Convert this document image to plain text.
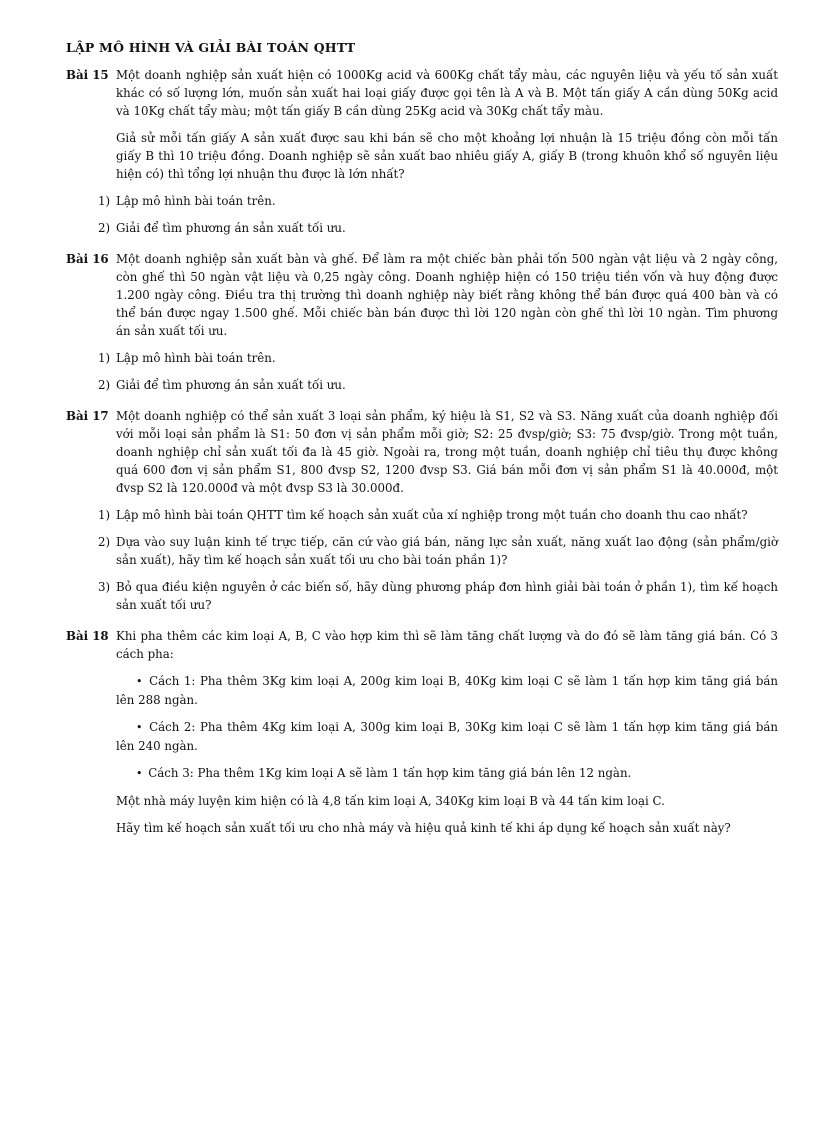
LẬP MÔ HÌNH VÀ GIẢI BÀI TOÁN QHTT
Bài 15 Một doanh nghiệp sản xuất hiện có 1000Kg acid và 600Kg chất tẩy màu, các nguyên liệu và yếu tố sản xuất khác có số lượng lớn, muốn sản xuất hai loại giấy được gọi tên là A và B. Một tấn giấy A cần dùng 50Kg acid và 10Kg chất tẩy màu; một tấn giấy B cần dùng 25Kg acid và 30Kg chất tẩy màu.
Giả sử mỗi tấn giấy A sản xuất được sau khi bán sẽ cho một khoảng lợi nhuận là 15 triệu đồng còn mỗi tấn giấy B thì 10 triệu đồng. Doanh nghiệp sẽ sản xuất bao nhiêu giấy A, giấy B (trong khuôn khổ số nguyên liệu hiện có) thì tổng lợi nhuận thu được là lớn nhất?
1) Lập mô hình bài toán trên.
2) Giải để tìm phương án sản xuất tối ưu.
Bài 16 Một doanh nghiệp sản xuất bàn và ghế. Để làm ra một chiếc bàn phải tốn 500 ngàn vật liệu và 2 ngày công, còn ghế thì 50 ngàn vật liệu và 0,25 ngày công. Doanh nghiệp hiện có 150 triệu tiền vốn và huy động được 1.200 ngày công. Điều tra thị trường thì doanh nghiệp này biết rằng không thể bán được quá 400 bàn và có thể bán được ngay 1.500 ghế. Mỗi chiếc bàn bán được thì lời 120 ngàn còn ghế thì lời 10 ngàn. Tìm phương án sản xuất tối ưu.
1) Lập mô hình bài toán trên.
2) Giải để tìm phương án sản xuất tối ưu.
Bài 17 Một doanh nghiệp có thể sản xuất 3 loại sản phẩm, ký hiệu là S1, S2 và S3. Năng xuất của doanh nghiệp đối với mỗi loại sản phẩm là S1: 50 đơn vị sản phẩm mỗi giờ; S2: 25 đvsp/giờ; S3: 75 đvsp/giờ. Trong một tuần, doanh nghiệp chỉ sản xuất tối đa là 45 giờ. Ngoài ra, trong một tuần, doanh nghiệp chỉ tiêu thụ được không quá 600 đơn vị sản phẩm S1, 800 đvsp S2, 1200 đvsp S3. Giá bán mỗi đơn vị sản phẩm S1 là 40.000đ, một đvsp S2 là 120.000đ và một đvsp S3 là 30.000đ.
1) Lập mô hình bài toán QHTT tìm kế hoạch sản xuất của xí nghiệp trong một tuần cho doanh thu cao nhất?
2) Dựa vào suy luận kinh tế trực tiếp, căn cứ vào giá bán, năng lực sản xuất, năng xuất lao động (sản phẩm/giờ sản xuất), hãy tìm kế hoạch sản xuất tối ưu cho bài toán phần 1)?
3) Bỏ qua điều kiện nguyên ở các biến số, hãy dùng phương pháp đơn hình giải bài toán ở phần 1), tìm kế hoạch sản xuất tối ưu?
Bài 18 Khi pha thêm các kim loại A, B, C vào hợp kim thì sẽ làm tăng chất lượng và do đó sẽ làm tăng giá bán. Có 3 cách pha:
• Cách 1: Pha thêm 3Kg kim loại A, 200g kim loại B, 40Kg kim loại C sẽ làm 1 tấn hợp kim tăng giá bán lên 288 ngàn.
• Cách 2: Pha thêm 4Kg kim loại A, 300g kim loại B, 30Kg kim loại C sẽ làm 1 tấn hợp kim tăng giá bán lên 240 ngàn.
• Cách 3: Pha thêm 1Kg kim loại A sẽ làm 1 tấn hợp kim tăng giá bán lên 12 ngàn.
Một nhà máy luyện kim hiện có là 4,8 tấn kim loại A, 340Kg kim loại B và 44 tấn kim loại C.
Hãy tìm kế hoạch sản xuất tối ưu cho nhà máy và hiệu quả kinh tế khi áp dụng kế hoạch sản xuất này?
